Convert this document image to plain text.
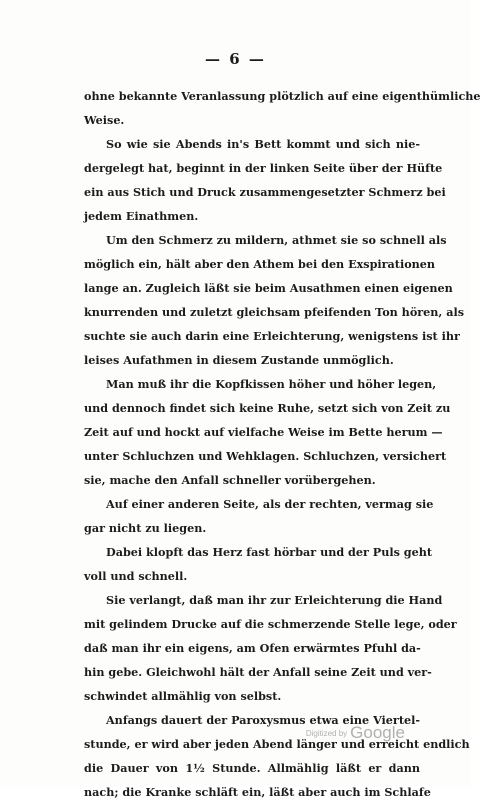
— 6 —
ohne bekannte Veranlassung plötzlich auf eine eigenthümliche
Weise.
So wie sie Abends in's Bett kommt und sich nie-
dergelegt hat, beginnt in der linken Seite über der Hüfte
ein aus Stich und Druck zusammengesetzter Schmerz bei
jedem Einathmen.
Um den Schmerz zu mildern, athmet sie so schnell als
möglich ein, hält aber den Athem bei den Exspirationen
lange an. Zugleich läßt sie beim Ausathmen einen eigenen
knurrenden und zuletzt gleichsam pfeifenden Ton hören, als
suchte sie auch darin eine Erleichterung, wenigstens ist ihr
leises Aufathmen in diesem Zustande unmöglich.
Man muß ihr die Kopfkissen höher und höher legen,
und dennoch findet sich keine Ruhe, setzt sich von Zeit zu
Zeit auf und hockt auf vielfache Weise im Bette herum —
unter Schluchzen und Wehklagen. Schluchzen, versichert
sie, mache den Anfall schneller vorübergehen.
Auf einer anderen Seite, als der rechten, vermag sie
gar nicht zu liegen.
Dabei klopft das Herz fast hörbar und der Puls geht
voll und schnell.
Sie verlangt, daß man ihr zur Erleichterung die Hand
mit gelindem Drucke auf die schmerzende Stelle lege, oder
daß man ihr ein eigens, am Ofen erwärmtes Pfuhl da-
hin gebe. Gleichwohl hält der Anfall seine Zeit und ver-
schwindet allmählig von selbst.
Anfangs dauert der Paroxysmus etwa eine Viertel-
stunde, er wird aber jeden Abend länger und erreicht endlich
die Dauer von 1½ Stunde. Allmählig läßt er dann
nach; die Kranke schläft ein, läßt aber auch im Schlafe
Digitized by Google
